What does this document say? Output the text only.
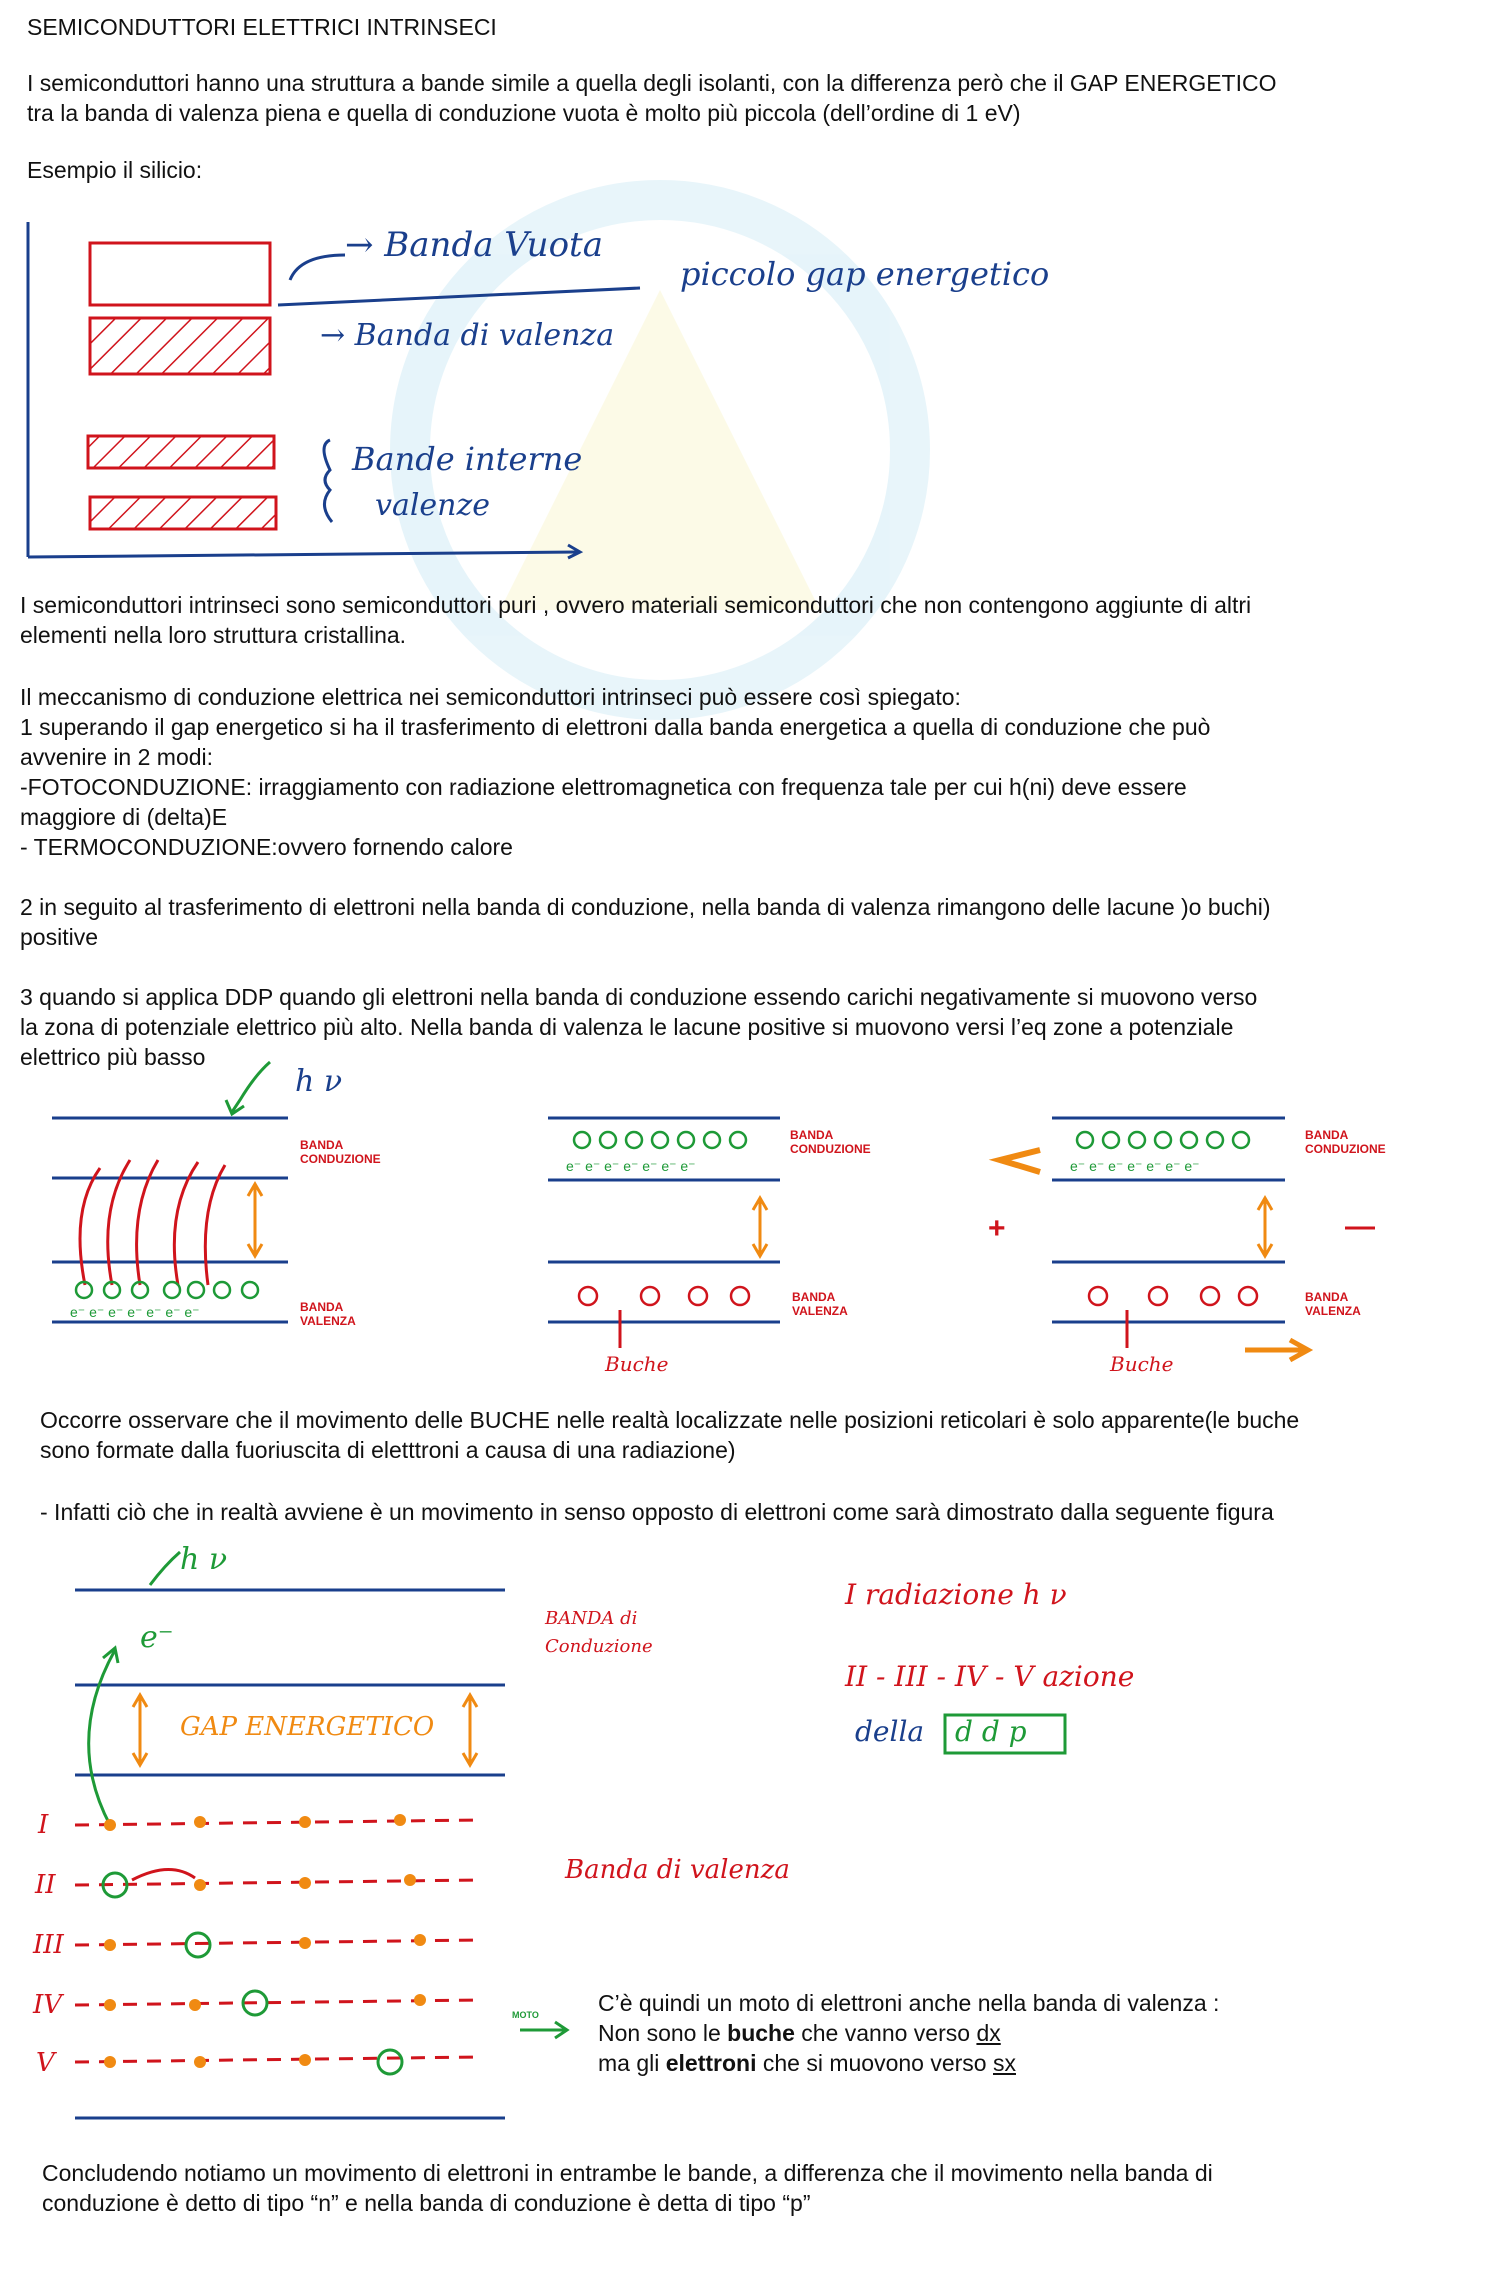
SEMICONDUTTORI ELETTRICI INTRINSECI
I semiconduttori hanno una struttura a bande simile a quella degli isolanti, con la differenza però che il GAP ENERGETICO
tra la banda di valenza piena e quella di conduzione vuota è molto più piccola (dell’ordine di 1 eV)
Esempio il silicio:
→ Banda Vuota
piccolo gap energetico
→ Banda di valenza
Bande interne
valenze
I semiconduttori intrinseci sono semiconduttori puri , ovvero materiali semiconduttori che non contengono aggiunte di altri
elementi nella loro struttura cristallina.
Il meccanismo di conduzione elettrica nei semiconduttori intrinseci può essere così spiegato:
1 superando il gap energetico si ha il trasferimento di elettroni dalla banda energetica a quella di conduzione che può
avvenire in 2 modi:
-FOTOCONDUZIONE: irraggiamento con radiazione elettromagnetica con frequenza tale per cui h(ni) deve essere
maggiore di (delta)E
- TERMOCONDUZIONE:ovvero fornendo calore
2 in seguito al trasferimento di elettroni nella banda di conduzione, nella banda di valenza rimangono delle lacune )o buchi)
positive
3 quando si applica DDP quando gli elettroni nella banda di conduzione essendo carichi negativamente si muovono verso
la zona di potenziale elettrico più alto. Nella banda di valenza le lacune positive si muovono versi l’eq zone a potenziale
elettrico più basso
h ν
BANDA CONDUZIONE
BANDA VALENZA
e⁻ e⁻ e⁻ e⁻ e⁻ e⁻ e⁻
BANDA CONDUZIONE
BANDA VALENZA
e⁻ e⁻ e⁻ e⁻ e⁻ e⁻ e⁻
Buche
BANDA CONDUZIONE
BANDA VALENZA
e⁻ e⁻ e⁻ e⁻ e⁻ e⁻ e⁻
+	—
Buche
Occorre osservare che il movimento delle BUCHE nelle realtà localizzate nelle posizioni reticolari è solo apparente(le buche
sono formate dalla fuoriuscita di eletttroni a causa di una radiazione)
- Infatti ciò che in realtà avviene è un movimento in senso opposto di elettroni come sarà dimostrato dalla seguente figura
h ν
e⁻
BANDA di Conduzione
GAP ENERGETICO
Banda di valenza
I
II
III
IV
V
I radiazione h ν
II - III - IV - V azione
della d d p
MOTO	C’è quindi un moto di elettroni anche nella banda di valenza :
Non sono le buche che vanno verso dx
ma gli elettroni che si muovono verso sx
Concludendo notiamo un movimento di elettroni in entrambe le bande, a differenza che il movimento nella banda di
conduzione è detto di tipo “n” e nella banda di conduzione è detta di tipo “p”
